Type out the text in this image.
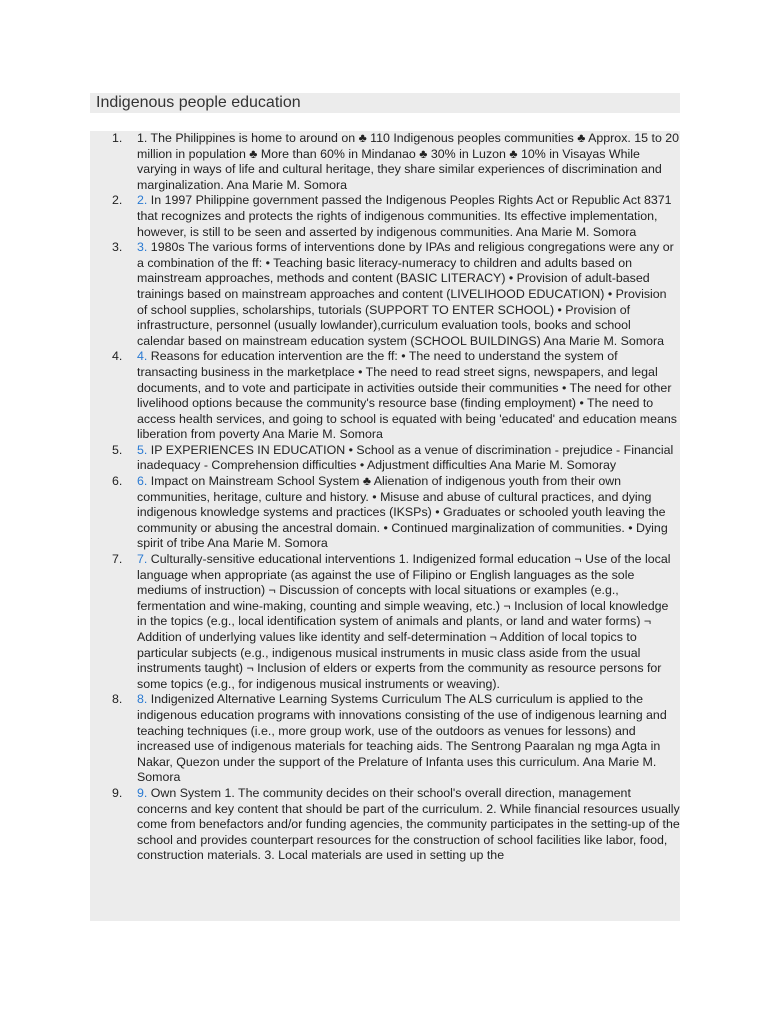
Indigenous people education
1. 1. The Philippines is home to around on ♣ 110 Indigenous peoples communities ♣ Approx. 15 to 20 million in population ♣ More than 60% in Mindanao ♣ 30% in Luzon ♣ 10% in Visayas While varying in ways of life and cultural heritage, they share similar experiences of discrimination and marginalization. Ana Marie M. Somora
2. 2. In 1997 Philippine government passed the Indigenous Peoples Rights Act or Republic Act 8371 that recognizes and protects the rights of indigenous communities. Its effective implementation, however, is still to be seen and asserted by indigenous communities. Ana Marie M. Somora
3. 3. 1980s The various forms of interventions done by IPAs and religious congregations were any or a combination of the ff: • Teaching basic literacy-numeracy to children and adults based on mainstream approaches, methods and content (BASIC LITERACY) • Provision of adult-based trainings based on mainstream approaches and content (LIVELIHOOD EDUCATION) • Provision of school supplies, scholarships, tutorials (SUPPORT TO ENTER SCHOOL) • Provision of infrastructure, personnel (usually lowlander),curriculum evaluation tools, books and school calendar based on mainstream education system (SCHOOL BUILDINGS) Ana Marie M. Somora
4. 4. Reasons for education intervention are the ff: • The need to understand the system of transacting business in the marketplace • The need to read street signs, newspapers, and legal documents, and to vote and participate in activities outside their communities • The need for other livelihood options because the community's resource base (finding employment) • The need to access health services, and going to school is equated with being 'educated' and education means liberation from poverty Ana Marie M. Somora
5. 5. IP EXPERIENCES IN EDUCATION • School as a venue of discrimination - prejudice - Financial inadequacy - Comprehension difficulties • Adjustment difficulties Ana Marie M. Somoray
6. 6. Impact on Mainstream School System ♣ Alienation of indigenous youth from their own communities, heritage, culture and history. • Misuse and abuse of cultural practices, and dying indigenous knowledge systems and practices (IKSPs) • Graduates or schooled youth leaving the community or abusing the ancestral domain. • Continued marginalization of communities. • Dying spirit of tribe Ana Marie M. Somora
7. 7. Culturally-sensitive educational interventions 1. Indigenized formal education ¬ Use of the local language when appropriate (as against the use of Filipino or English languages as the sole mediums of instruction) ¬ Discussion of concepts with local situations or examples (e.g., fermentation and wine-making, counting and simple weaving, etc.) ¬ Inclusion of local knowledge in the topics (e.g., local identification system of animals and plants, or land and water forms) ¬ Addition of underlying values like identity and self-determination ¬ Addition of local topics to particular subjects (e.g., indigenous musical instruments in music class aside from the usual instruments taught) ¬ Inclusion of elders or experts from the community as resource persons for some topics (e.g., for indigenous musical instruments or weaving).
8. 8. Indigenized Alternative Learning Systems Curriculum The ALS curriculum is applied to the indigenous education programs with innovations consisting of the use of indigenous learning and teaching techniques (i.e., more group work, use of the outdoors as venues for lessons) and increased use of indigenous materials for teaching aids. The Sentrong Paaralan ng mga Agta in Nakar, Quezon under the support of the Prelature of Infanta uses this curriculum. Ana Marie M. Somora
9. 9. Own System 1. The community decides on their school's overall direction, management concerns and key content that should be part of the curriculum. 2. While financial resources usually come from benefactors and/or funding agencies, the community participates in the setting-up of the school and provides counterpart resources for the construction of school facilities like labor, food, construction materials. 3. Local materials are used in setting up the
